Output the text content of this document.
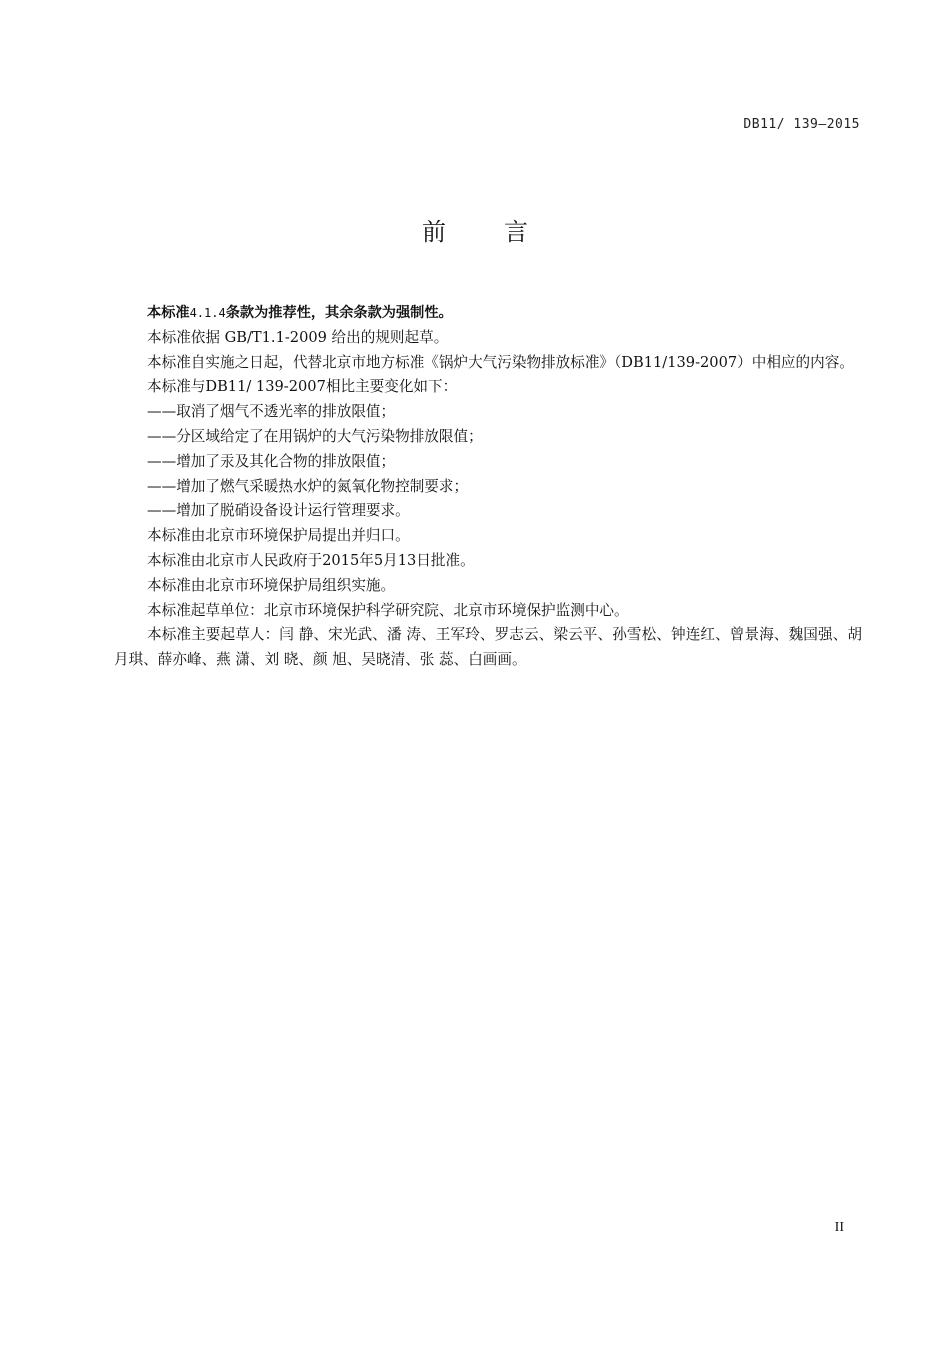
DB11/ 139—2015
前言

本标准4.1.4条款为推荐性，其余条款为强制性。

本标准依据 GB/T1.1-2009 给出的规则起草。

本标准自实施之日起，代替北京市地方标准《锅炉大气污染物排放标准》（DB11/139-2007）中相应的内容。

本标准与DB11/ 139-2007相比主要变化如下：

——取消了烟气不透光率的排放限值；

——分区域给定了在用锅炉的大气污染物排放限值；

——增加了汞及其化合物的排放限值；

——增加了燃气采暖热水炉的氮氧化物控制要求；

——增加了脱硝设备设计运行管理要求。

本标准由北京市环境保护局提出并归口。

本标准由北京市人民政府于2015年5月13日批准。

本标准由北京市环境保护局组织实施。

本标准起草单位：北京市环境保护科学研究院、北京市环境保护监测中心。

本标准主要起草人：闫 静、宋光武、潘 涛、王军玲、罗志云、梁云平、孙雪松、钟连红、曾景海、魏国强、胡月琪、薛亦峰、燕 潇、刘 晓、颜 旭、吴晓清、张 蕊、白画画。

II
